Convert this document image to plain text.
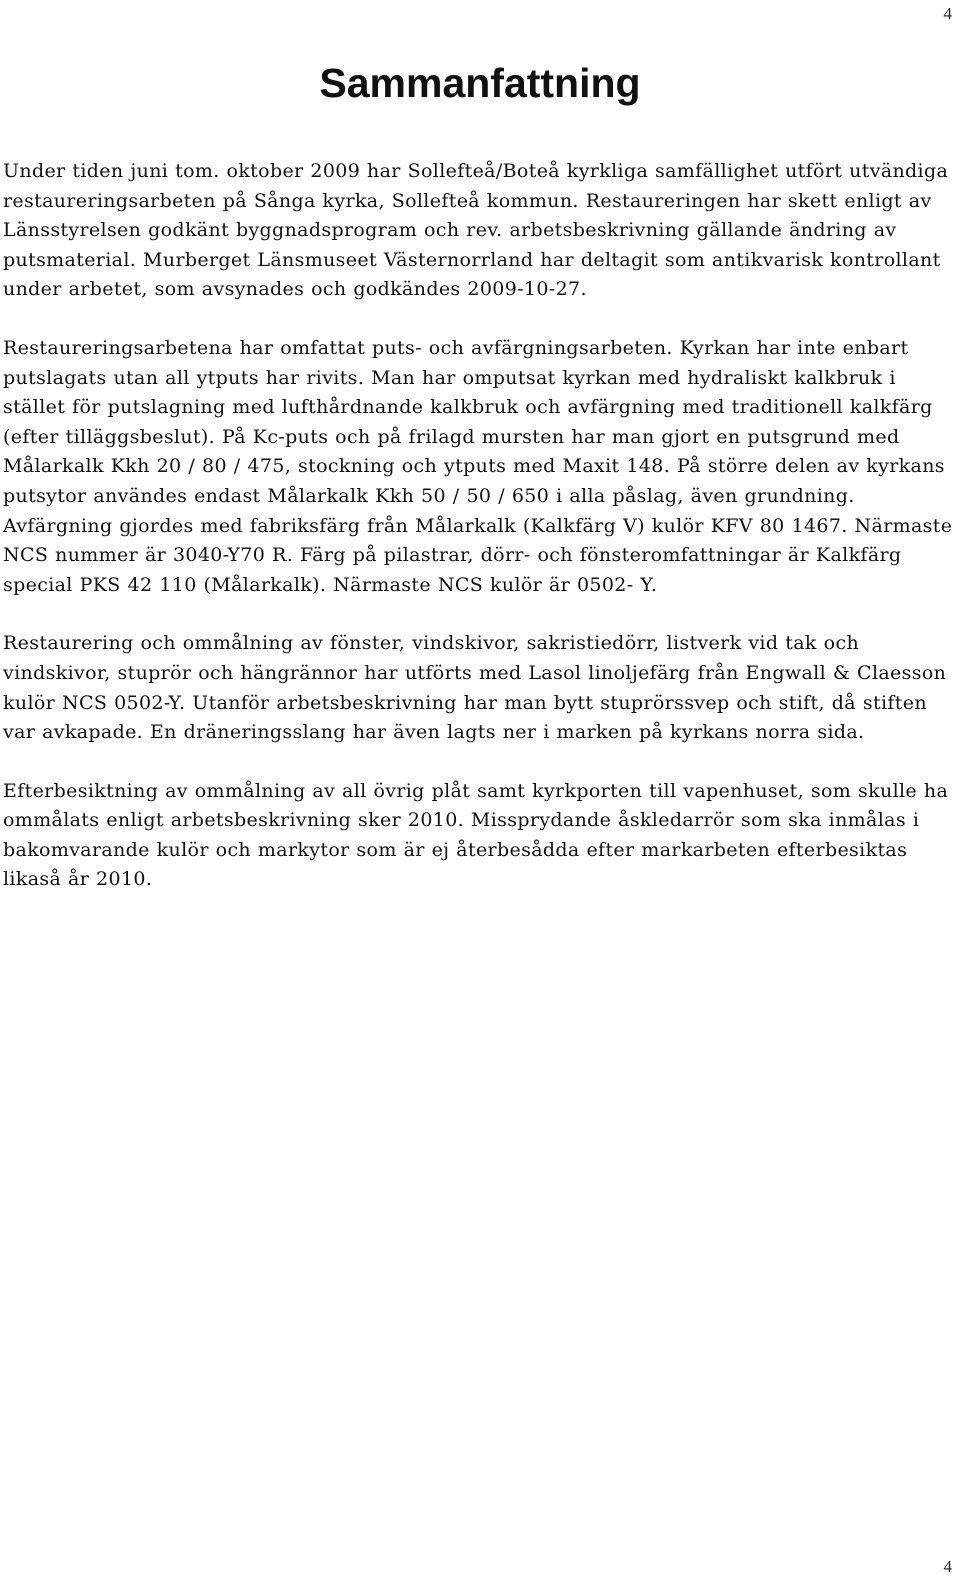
4
Sammanfattning

Under tiden juni tom. oktober 2009 har Sollefteå/Boteå kyrkliga samfällighet utfört utvändiga restaureringsarbeten på Sånga kyrka, Sollefteå kommun. Restaureringen har skett enligt av Länsstyrelsen godkänt byggnadsprogram och rev. arbetsbeskrivning gällande ändring av putsmaterial. Murberget Länsmuseet Västernorrland har deltagit som antikvarisk kontrollant under arbetet, som avsynades och godkändes 2009-10-27.

Restaureringsarbetena har omfattat puts- och avfärgningsarbeten. Kyrkan har inte enbart putslagats utan all ytputs har rivits. Man har omputsat kyrkan med hydraliskt kalkbruk i stället för putslagning med lufthårdnande kalkbruk och avfärgning med traditionell kalkfärg (efter tilläggsbeslut). På Kc-puts och på frilagd mursten har man gjort en putsgrund med Målarkalk Kkh 20 / 80 / 475, stockning och ytputs med Maxit 148. På större delen av kyrkans putsytor användes endast Målarkalk Kkh 50 / 50 / 650 i alla påslag, även grundning. Avfärgning gjordes med fabriksfärg från Målarkalk (Kalkfärg V) kulör KFV 80 1467. Närmaste NCS nummer är 3040-Y70 R. Färg på pilastrar, dörr- och fönsteromfattningar är Kalkfärg special PKS 42 110 (Målarkalk). Närmaste NCS kulör är 0502- Y.

Restaurering och ommålning av fönster, vindskivor, sakristiedörr, listverk vid tak och vindskivor, stuprör och hängrännor har utförts med Lasol linoljefärg från Engwall & Claesson kulör NCS 0502-Y. Utanför arbetsbeskrivning har man bytt stuprörssvep och stift, då stiften var avkapade. En dräneringsslang har även lagts ner i marken på kyrkans norra sida.

Efterbesiktning av ommålning av all övrig plåt samt kyrkporten till vapenhuset, som skulle ha ommålats enligt arbetsbeskrivning sker 2010. Missprydande åskledarrör som ska inmålas i bakomvarande kulör och markytor som är ej återbesådda efter markarbeten efterbesiktas likaså år 2010.

4
